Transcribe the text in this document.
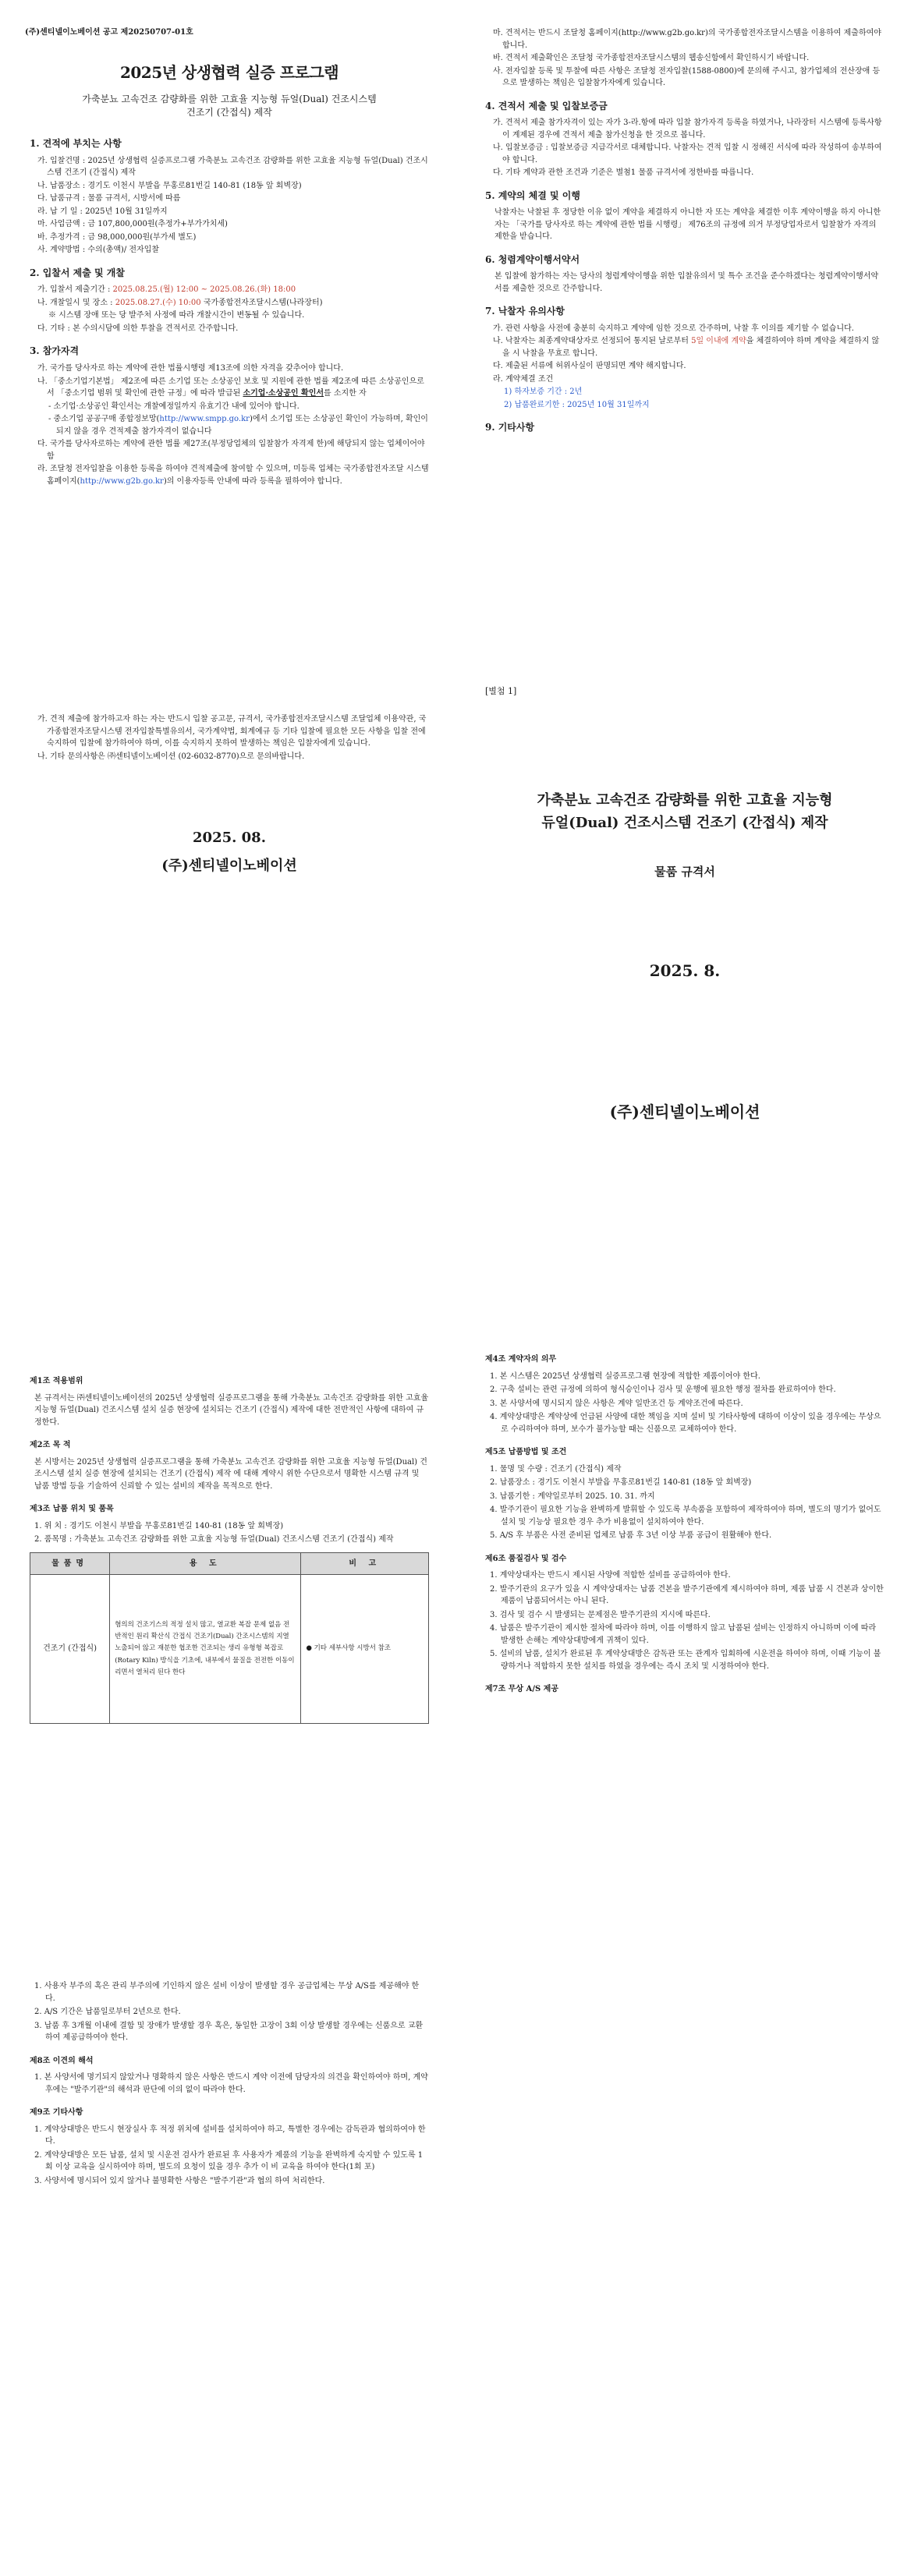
(주)센티넬이노베이션 공고 제20250707-01호
2025년 상생협력 실증 프로그램
가축분뇨 고속건조 감량화를 위한 고효율 지능형 듀얼(Dual) 건조시스템
건조기 (간접식) 제작
1. 견적에 부치는 사항
가. 입찰건명 : 2025년 상생협력 실증프로그램 가축분뇨 고속건조 감량화를 위한 고효율 지능형 듀얼(Dual) 건조시스템 건조기 (간접식) 제작
나. 납품장소 : 경기도 이천시 부발읍 무홍로81번길 140-81 (18동 앞 회벽장)
다. 납품규격 : 물품 규격서, 시방서에 따름
라. 납 기 일 : 2025년 10월 31일까지
마. 사업금액 : 금 107,800,000원(추정가+부가가치세)
바. 추정가격 : 금 98,000,000원(부가세 별도)
사. 계약방법 : 수의(총액)/ 전자입찰
2. 입찰서 제출 및 개찰
가. 입찰서 제출기간 : 2025.08.25.(월) 12:00 ~ 2025.08.26.(화) 18:00
나. 개찰일시 및 장소 : 2025.08.27.(수) 10:00 국가종합전자조달시스템(나라장터)
※ 시스템 장애 또는 당 발주처 사정에 따라 개찰시간이 변동될 수 있습니다.
다. 기타 : 본 수의시담에 의한 투찰을 견적서로 간주합니다.
3. 참가자격
가. 국가를 당사자로 하는 계약에 관한 법률시행령 제13조에 의한 자격을 갖추어야 합니다.
나. 「중소기업기본법」 제2조에 따른 소기업 또는 소상공인 보호 및 지원에 관한 법률 제2조에 따른 소상공인으로서 「중소기업 범위 및 확인에 관한 규정」에 따라 발급된 소기업·소상공인 확인서를 소지한 자
- 소기업·소상공인 확인서는 개찰예정일까지 유효기간 내에 있어야 합니다.
- 중소기업 공공구매 종합정보망(http://www.smpp.go.kr)에서 소기업 또는 소상공인 확인이 가능하며, 확인이 되지 않을 경우 견적제출 참가자격이 없습니다
다. 국가를 당사자로하는 계약에 관한 법률 제27조(부정당업체의 입찰참가 자격제 한)에 해당되지 않는 업체이어야 함
라. 조달청 전자입찰을 이용한 등록을 하여야 견적제출에 참여할 수 있으며, 미등록 업체는 국가종합전자조달 시스템 홈페이지(http://www.g2b.go.kr)의 이용자등록 안내에 따라 등록을 필하여야 합니다.
마. 견적서는 반드시 조달청 홈페이지(http://www.g2b.go.kr)의 국가종합전자조달시스템을 이용하여 제출하여야 합니다.
바. 견적서 제출확인은 조달청 국가종합전자조달시스템의 웹송신함에서 확인하시기 바랍니다.
사. 전자입찰 등록 및 투찰에 따른 사항은 조달청 전자입찰(1588-0800)에 문의해 주시고, 참가업체의 전산장애 등으로 발생하는 책임은 입찰참가자에게 있습니다.
4. 견적서 제출 및 입찰보증금
가. 견적서 제출 참가자격이 있는 자가 3-라.항에 따라 입찰 참가자격 등록을 하였거나, 나라장터 시스템에 등록사항이 계제된 경우에 견적서 제출 참가신청을 한 것으로 봅니다.
나. 입찰보증금 : 입찰보증금 지급각서로 대체합니다. 낙찰자는 견적 입찰 시 정해진 서식에 따라 작성하여 송부하여야 합니다.
다. 기타 계약과 관한 조건과 기준은 별첨1 물품 규격서에 정한바를 따릅니다.
5. 계약의 체결 및 이행
낙찰자는 낙찰된 후 정당한 이유 없이 계약을 체결하지 아니한 자 또는 계약을 체결한 이후 계약이행을 하지 아니한 자는 「국가를 당사자로 하는 계약에 관한 법률 시행령」 제76조의 규정에 의거 부정당업자로서 입찰참가 자격의 제한을 받습니다.
6. 청렴계약이행서약서
본 입찰에 참가하는 자는 당사의 청렴계약이행을 위한 입찰유의서 및 특수 조건을 준수하겠다는 청렴계약이행서약서를 제출한 것으로 간주합니다.
7. 낙찰자 유의사항
가. 관련 사항을 사전에 충분히 숙지하고 계약에 임한 것으로 간주하며, 낙찰 후 이의를 제기할 수 없습니다.
나. 낙찰자는 최종계약대상자로 선정되어 통지된 날로부터 5일 이내에 계약을 체결하여야 하며 계약을 체결하지 않을 시 낙찰을 무효로 합니다.
다. 제출된 서류에 허위사실이 판명되면 계약 해지합니다.
라. 계약체결 조건
1) 하자보증 기간 : 2년
2) 납품완료기한 : 2025년 10월 31일까지
9. 기타사항
가. 견적 제출에 참가하고자 하는 자는 반드시 입찰 공고문, 규격서, 국가종합전자조달시스템 조달업체 이용약관, 국가종합전자조달시스템 전자입찰특별유의서, 국가계약법, 회계예규 등 기타 입찰에 필요한 모든 사항을 입찰 전에 숙지하여 입찰에 참가하여야 하며, 이를 숙지하지 못하여 발생하는 책임은 입찰자에게 있습니다.
나. 기타 문의사항은 ㈜센티넬이노베이션 (02-6032-8770)으로 문의바랍니다.
2025. 08.
(주)센티넬이노베이션
[별첨 1]
가축분뇨 고속건조 감량화를 위한 고효율 지능형
듀얼(Dual) 건조시스템 건조기 (간접식) 제작
물품 규격서
2025. 8.
(주)센티넬이노베이션
제1조 적용범위
본 규격서는 ㈜센티넬이노베이션의 2025년 상생협력 실증프로그램을 통해 가축분뇨 고속건조 감량화를 위한 고효율 지능형 듀얼(Dual) 건조시스템 설치 실증 현장에 설치되는 건조기 (간접식) 제작에 대한 전반적인 사항에 대하여 규정한다.
제2조 목 적
본 시방서는 2025년 상생협력 실증프로그램을 통해 가축분뇨 고속건조 감량화를 위한 고효율 지능형 듀얼(Dual) 건조시스템 설치 실증 현장에 설치되는 건조기 (간접식) 제작 에 대해 계약시 위한 수단으로서 명확한 시스템 규격 및 납품 방법 등을 기술하여 신뢰할 수 있는 설비의 제작을 목적으로 한다.
제3조 납품 위치 및 품목
1. 위 치 : 경기도 이천시 부발읍 무홍로81번길 140-81 (18동 앞 회벽장)
2. 품목명 : 가축분뇨 고속건조 감량화를 위한 고효율 지능형 듀얼(Dual) 건조시스템 건조기 (간접식) 제작
물품명	용 도	비 고
건조기 (간접식)	혐의의 건조기스의 적정 설치 많고, 열교환 복잡 문제 없음 전반적인 원리 확산식 간접식 건조기(Dual) 간조시스템의 지열 노출되어 않고 재분한 협조한 건조되는 생리 유형형 복잡로(Rotary Kiln) 방식을 기초에, 내부에서 물질을 전전한 이동이리면서 열처리 된다 한다	● 기타 세부사항 시방서 참조
제4조 계약자의 의무
1. 본 시스템은 2025년 상생협력 실증프로그램 현장에 적합한 제품이어야 한다.
2. 구축 설비는 관련 규정에 의하여 형식승인이나 검사 및 운행에 필요한 행정 절차를 완료하여야 한다.
3. 본 사양서에 명시되지 않은 사항은 계약 일반조건 등 계약조건에 따른다.
4. 계약상대방은 계약상에 언급된 사양에 대한 책임을 지며 설비 및 기타사항에 대하여 이상이 있을 경우에는 무상으로 수리하여야 하며, 보수가 불가능할 때는 신품으로 교체하여야 한다.
제5조 납품방법 및 조건
1. 물명 및 수량 : 건조기 (간접식) 제작
2. 납품장소 : 경기도 이천시 부발읍 무홍로81번길 140-81 (18동 앞 회벽장)
3. 납품기한 : 계약일로부터 2025. 10. 31. 까지
4. 발주기관이 필요한 기능을 완벽하게 발휘할 수 있도록 부속품을 포함하여 제작하여야 하며, 별도의 명기가 없어도 설치 및 기능상 필요한 경우 추가 비용없이 설치하여야 한다.
5. A/S 후 부품은 사전 준비된 업체로 납품 후 3년 이상 부품 공급이 원활해야 한다.
제6조 품질검사 및 검수
1. 계약상대자는 반드시 제시된 사양에 적합한 설비를 공급하여야 한다.
2. 발주기관의 요구가 있을 시 계약상대자는 납품 견본을 발주기관에게 제시하여야 하며, 제품 납품 시 견본과 상이한 제품이 납품되어서는 아니 된다.
3. 검사 및 검수 시 발생되는 문제점은 발주기관의 지시에 따른다.
4. 납품은 발주기관이 제시한 절차에 따라야 하며, 이를 이행하지 않고 납품된 설비는 인정하지 아니하며 이에 따라 발생한 손해는 계약상대방에게 귀책이 있다.
5. 설비의 납품, 설치가 완료된 후 계약상대방은 감독관 또는 관계자 입회하에 시운전을 하여야 하며, 이때 기능이 불량하거나 적합하지 못한 설치를 하였을 경우에는 즉시 조치 및 시정하여야 한다.
제7조 무상 A/S 제공
1. 사용자 부주의 혹은 관리 부주의에 기인하지 않은 설비 이상이 발생할 경우 공급업체는 무상 A/S를 제공해야 한다.
2. A/S 기간은 납품일로부터 2년으로 한다.
3. 납품 후 3개월 이내에 결함 및 장애가 발생할 경우 혹은, 동일한 고장이 3회 이상 발생할 경우에는 신품으로 교환하여 제공급하여야 한다.
제8조 이견의 해석
1. 본 사양서에 명기되지 않았거나 명확하지 않은 사항은 반드시 계약 이전에 담당자의 의견을 확인하여야 하며, 계약 후에는 "발주기관"의 해석과 판단에 이의 없이 따라야 한다.
제9조 기타사항
1. 계약상대방은 반드시 현장실사 후 적정 위치에 설비를 설치하여야 하고, 특별한 경우에는 감독관과 협의하여야 한다.
2. 계약상대방은 모든 납품, 설치 및 시운전 검사가 완료된 후 사용자가 제품의 기능을 완벽하게 숙지할 수 있도록 1회 이상 교육을 실시하여야 하며, 별도의 요청이 있을 경우 추가 이 비 교육을 하여야 한다(1회 포)
3. 사양서에 명시되어 있지 않거나 불명확한 사항은 "발주기관"과 협의 하여 처리한다.
